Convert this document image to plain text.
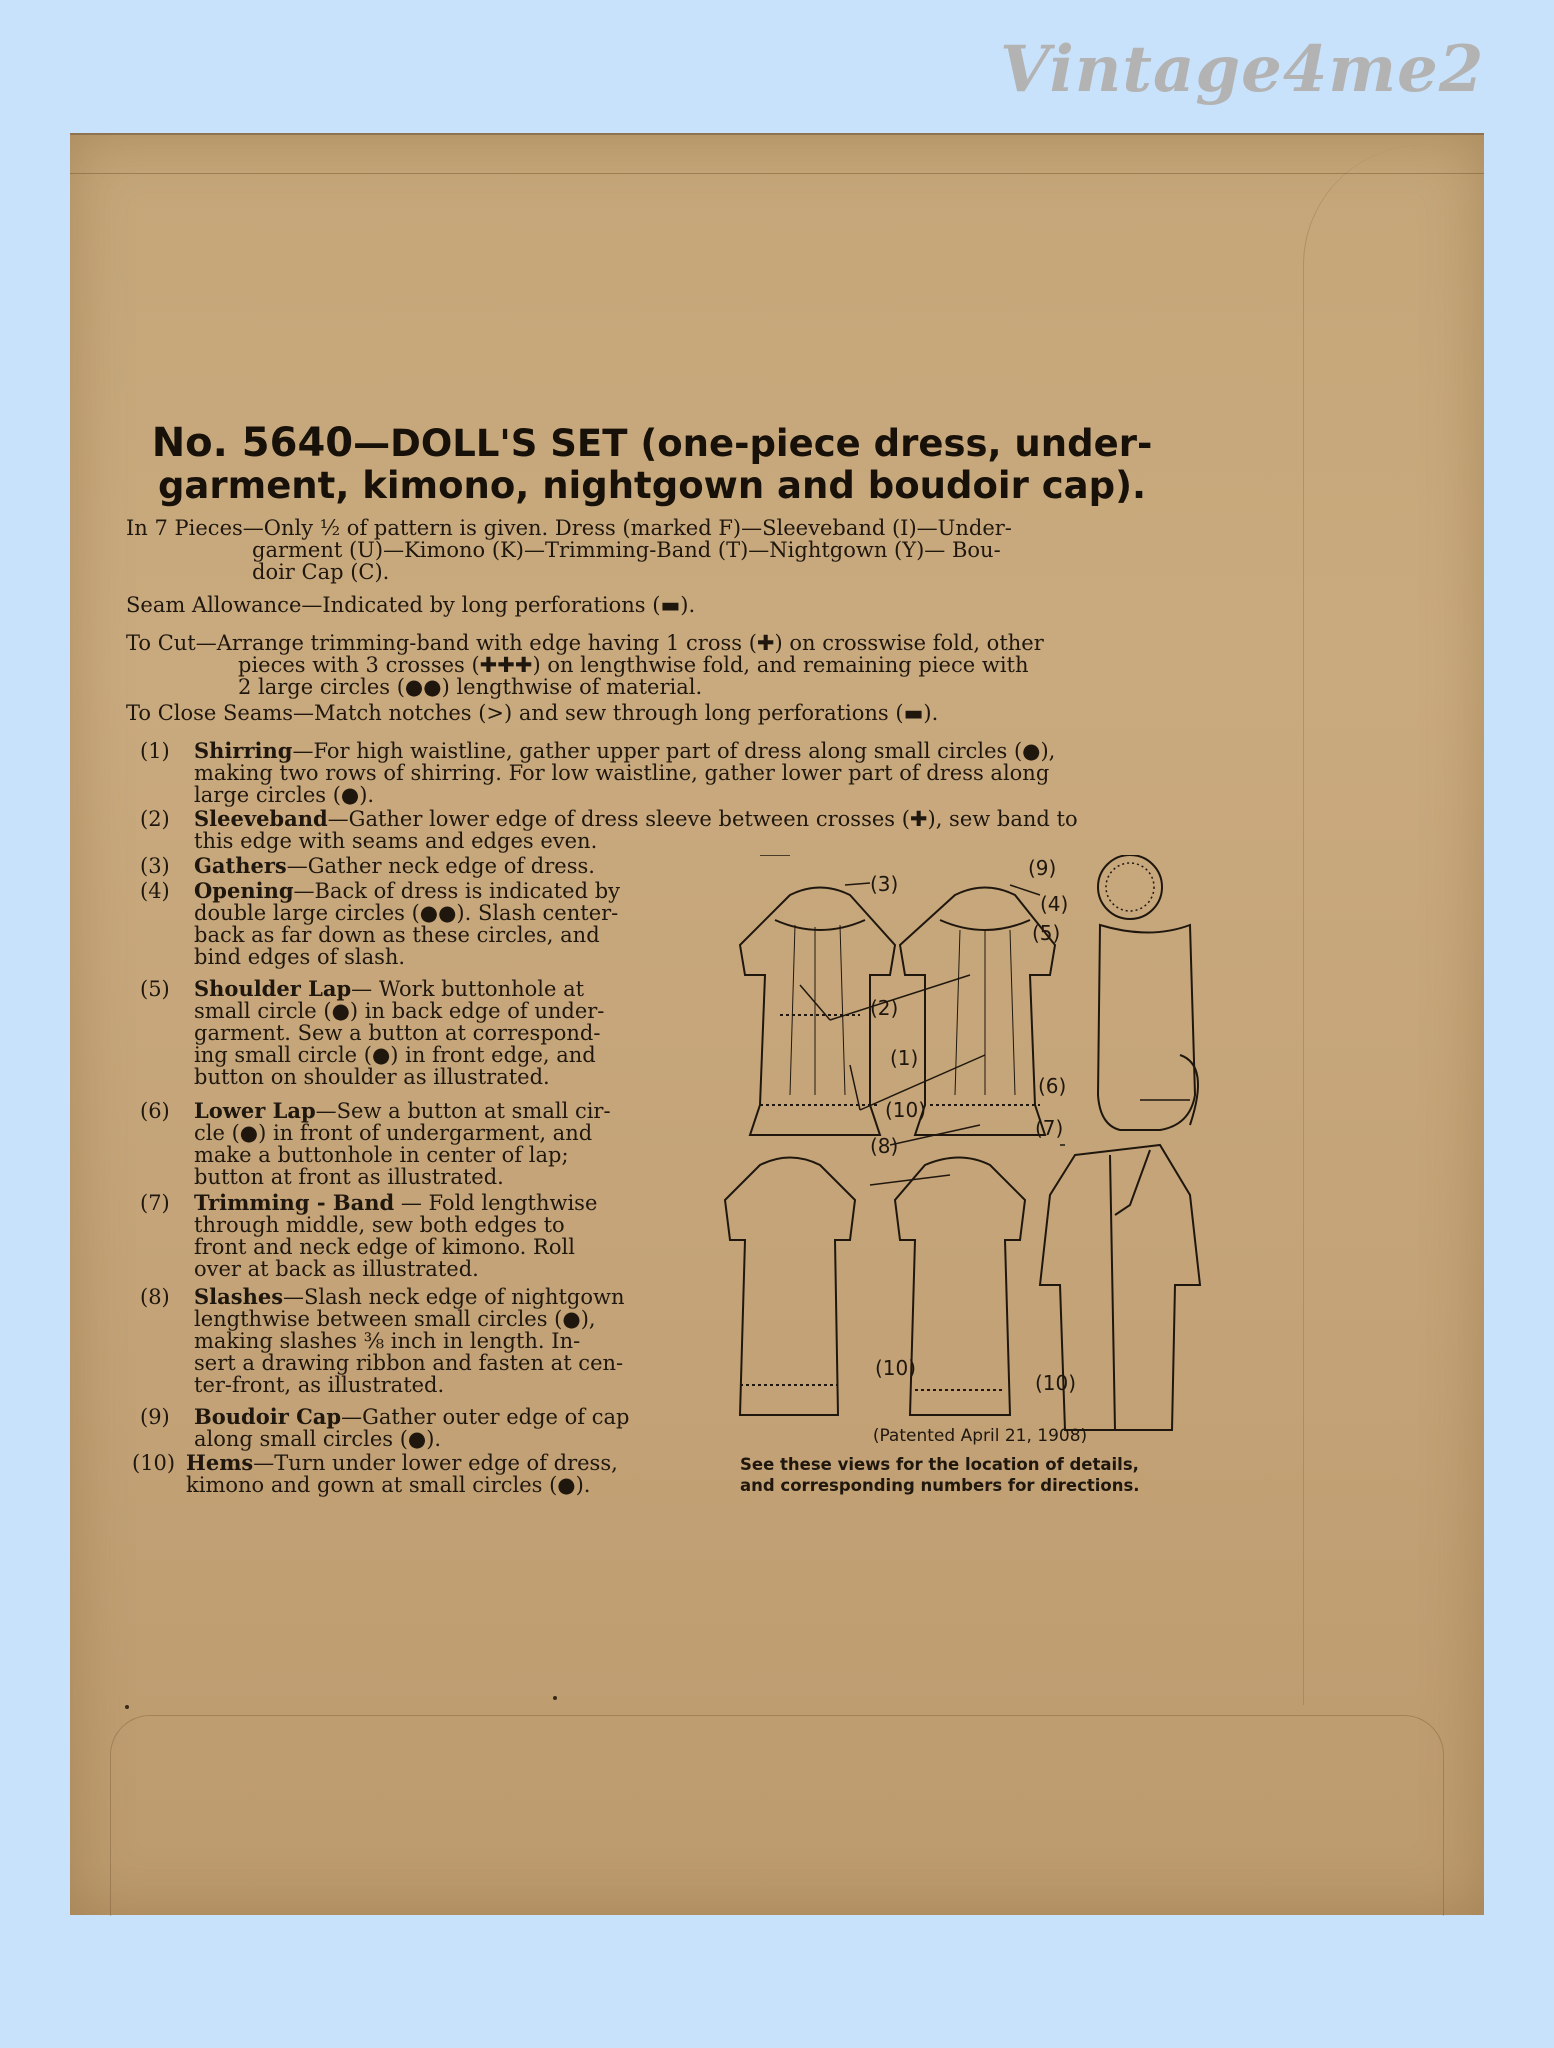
Vintage4me2
No. 5640—DOLL'S SET (one-piece dress, under-garment, kimono, nightgown and boudoir cap).
In 7 Pieces—Only ½ of pattern is given. Dress (marked F)—Sleeveband (I)—Under-
garment (U)—Kimono (K)—Trimming-Band (T)—Nightgown (Y)— Bou-
doir Cap (C).
Seam Allowance—Indicated by long perforations (▬).
To Cut—Arrange trimming-band with edge having 1 cross (✚) on crosswise fold, other
pieces with 3 crosses (✚✚✚) on lengthwise fold, and remaining piece with
2 large circles (●●) lengthwise of material.
To Close Seams—Match notches (>) and sew through long perforations (▬).
(1)	Shirring—For high waistline, gather upper part of dress along small circles (●),
making two rows of shirring. For low waistline, gather lower part of dress along
large circles (●).
(2)	Sleeveband—Gather lower edge of dress sleeve between crosses (✚), sew band to
this edge with seams and edges even.
(3)	Gathers—Gather neck edge of dress.
(4)	Opening—Back of dress is indicated by
double large circles (●●). Slash center-
back as far down as these circles, and
bind edges of slash.
(5)	Shoulder Lap— Work buttonhole at
small circle (●) in back edge of under-
garment. Sew a button at correspond-
ing small circle (●) in front edge, and
button on shoulder as illustrated.
(6)	Lower Lap—Sew a button at small cir-
cle (●) in front of undergarment, and
make a buttonhole in center of lap;
button at front as illustrated.
(7)	Trimming - Band — Fold lengthwise
through middle, sew both edges to
front and neck edge of kimono. Roll
over at back as illustrated.
(8)	Slashes—Slash neck edge of nightgown
lengthwise between small circles (●),
making slashes ⅜ inch in length. In-
sert a drawing ribbon and fasten at cen-
ter-front, as illustrated.
(9)	Boudoir Cap—Gather outer edge of cap
along small circles (●).
(10) Hems—Turn under lower edge of dress,
kimono and gown at small circles (●).
(3)
(4)
(5)
(9)
(2)
(1)
(6)
(10)
(8)
(7)
(10)
(10)
(Patented April 21, 1908)
See these views for the location of details,
and corresponding numbers for directions.
